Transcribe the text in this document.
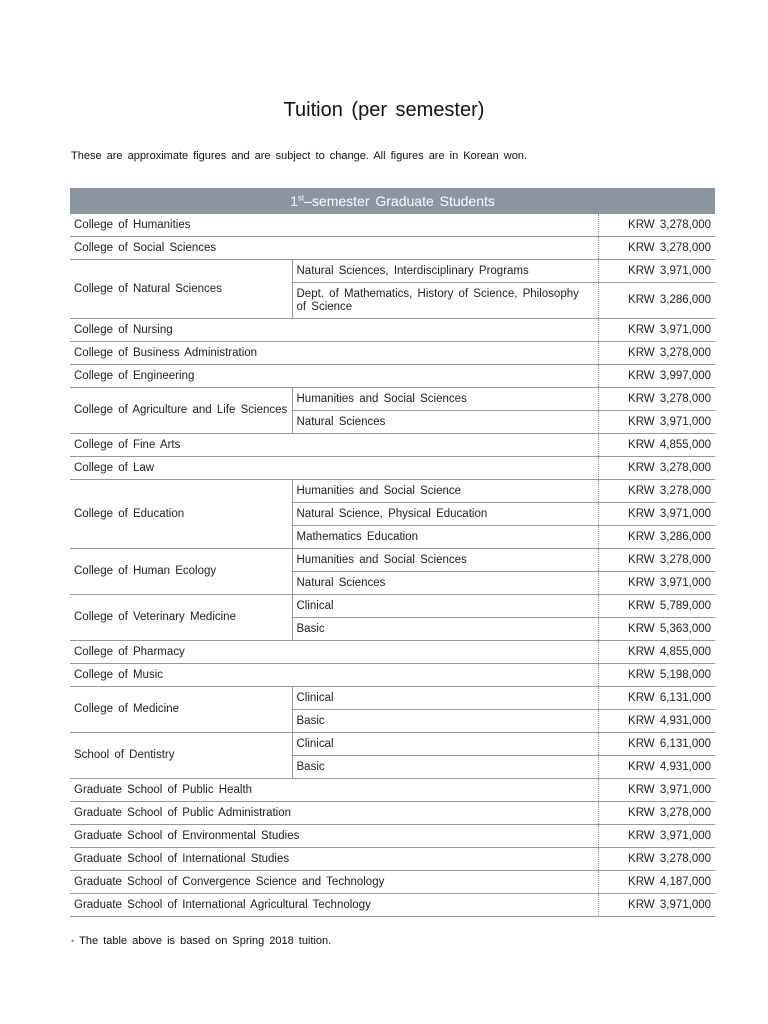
Tuition (per semester)
These are approximate figures and are subject to change. All figures are in Korean won.
1st–semester Graduate Students		
College of Humanities		KRW 3,278,000
College of Social Sciences		KRW 3,278,000
College of Natural Sciences	Natural Sciences, Interdisciplinary Programs	KRW 3,971,000
	Dept. of Mathematics, History of Science, Philosophy of Science	KRW 3,286,000
College of Nursing		KRW 3,971,000
College of Business Administration		KRW 3,278,000
College of Engineering		KRW 3,997,000
College of Agriculture and Life Sciences	Humanities and Social Sciences	KRW 3,278,000
	Natural Sciences	KRW 3,971,000
College of Fine Arts		KRW 4,855,000
College of Law		KRW 3,278,000
College of Education	Humanities and Social Science	KRW 3,278,000
	Natural Science, Physical Education	KRW 3,971,000
	Mathematics Education	KRW 3,286,000
College of Human Ecology	Humanities and Social Sciences	KRW 3,278,000
	Natural Sciences	KRW 3,971,000
College of Veterinary Medicine	Clinical	KRW 5,789,000
	Basic	KRW 5,363,000
College of Pharmacy		KRW 4,855,000
College of Music		KRW 5,198,000
College of Medicine	Clinical	KRW 6,131,000
	Basic	KRW 4,931,000
School of Dentistry	Clinical	KRW 6,131,000
	Basic	KRW 4,931,000
Graduate School of Public Health		KRW 3,971,000
Graduate School of Public Administration		KRW 3,278,000
Graduate School of Environmental Studies		KRW 3,971,000
Graduate School of International Studies		KRW 3,278,000
Graduate School of Convergence Science and Technology		KRW 4,187,000
Graduate School of International Agricultural Technology		KRW 3,971,000
• The table above is based on Spring 2018 tuition.
